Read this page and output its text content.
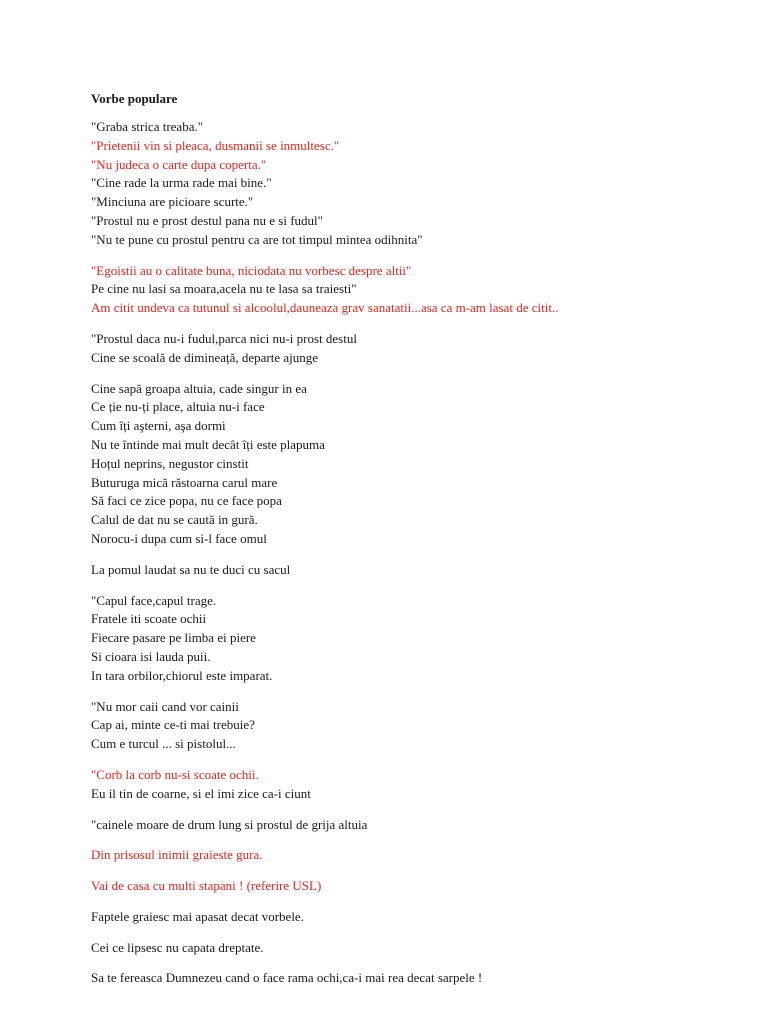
Vorbe populare
"Graba strica treaba."
"Prietenii vin si pleaca, dusmanii se inmultesc."
"Nu judeca o carte dupa coperta."
"Cine rade la urma rade mai bine."
"Minciuna are picioare scurte."
"Prostul nu e prost destul pana nu e si fudul"
"Nu te pune cu prostul pentru ca are tot timpul mintea odihnita"
"Egoistii au o calitate buna, niciodata nu vorbesc despre altii"
Pe cine nu lasi sa moara,acela nu te lasa sa traiesti"
Am citit undeva ca tutunul si alcoolul,dauneaza grav sanatatii...asa ca m-am lasat de citit..
"Prostul daca nu-i fudul,parca nici nu-i prost destul
Cine se scoală de dimineață, departe ajunge
Cine sapă groapa altuia, cade singur in ea
Ce ție nu-ți place, altuia nu-i face
Cum îți aşterni, aşa dormi
Nu te întinde mai mult decât îți este plapuma
Hoțul neprins, negustor cinstit
Buturuga mică răstoarna carul mare
Să faci ce zice popa, nu ce face popa
Calul de dat nu se caută in gură.
Norocu-i dupa cum si-l face omul
La pomul laudat sa nu te duci cu sacul
"Capul face,capul trage.
Fratele iti scoate ochii
Fiecare pasare pe limba ei piere
Si cioara isi lauda puii.
In tara orbilor,chiorul este imparat.
"Nu mor caii cand vor cainii
Cap ai, minte ce-ti mai trebuie?
Cum e turcul ... si pistolul...
"Corb la corb nu-si scoate ochii.
Eu il tin de coarne, si el imi zice ca-i ciunt
"cainele moare de drum lung si prostul de grija altuia
Din prisosul inimii graieste gura.
Vai de casa cu multi stapani ! (referire USL)
Faptele graiesc mai apasat decat vorbele.
Cei ce lipsesc nu capata dreptate.
Sa te fereasca Dumnezeu cand o face rama ochi,ca-i mai rea decat sarpele !
